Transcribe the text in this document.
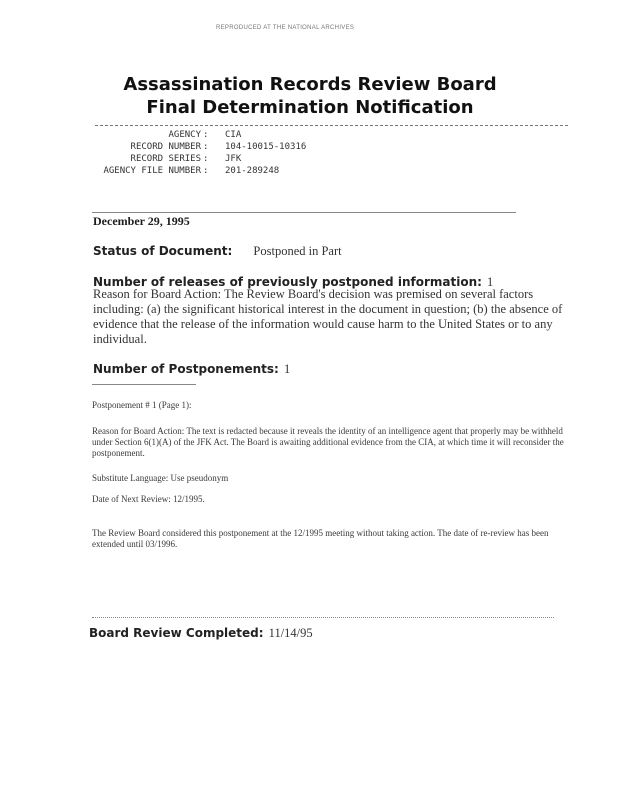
REPRODUCED AT THE NATIONAL ARCHIVES
Assassination Records Review Board
Final Determination Notification
AGENCY : CIA
RECORD NUMBER : 104-10015-10316
RECORD SERIES : JFK
AGENCY FILE NUMBER : 201-289248
December 29, 1995
Status of Document: Postponed in Part
Number of releases of previously postponed information: 1

Reason for Board Action: The Review Board's decision was premised on several factors including: (a) the significant historical interest in the document in question; (b) the absence of evidence that the release of the information would cause harm to the United States or to any individual.

Number of Postponements: 1

Postponement # 1 (Page 1):

Reason for Board Action: The text is redacted because it reveals the identity of an intelligence agent that properly may be withheld under Section 6(1)(A) of the JFK Act. The Board is awaiting additional evidence from the CIA, at which time it will reconsider the postponement.

Substitute Language: Use pseudonym

Date of Next Review: 12/1995.

The Review Board considered this postponement at the 12/1995 meeting without taking action. The date of re-review has been extended until 03/1996.

Board Review Completed: 11/14/95
